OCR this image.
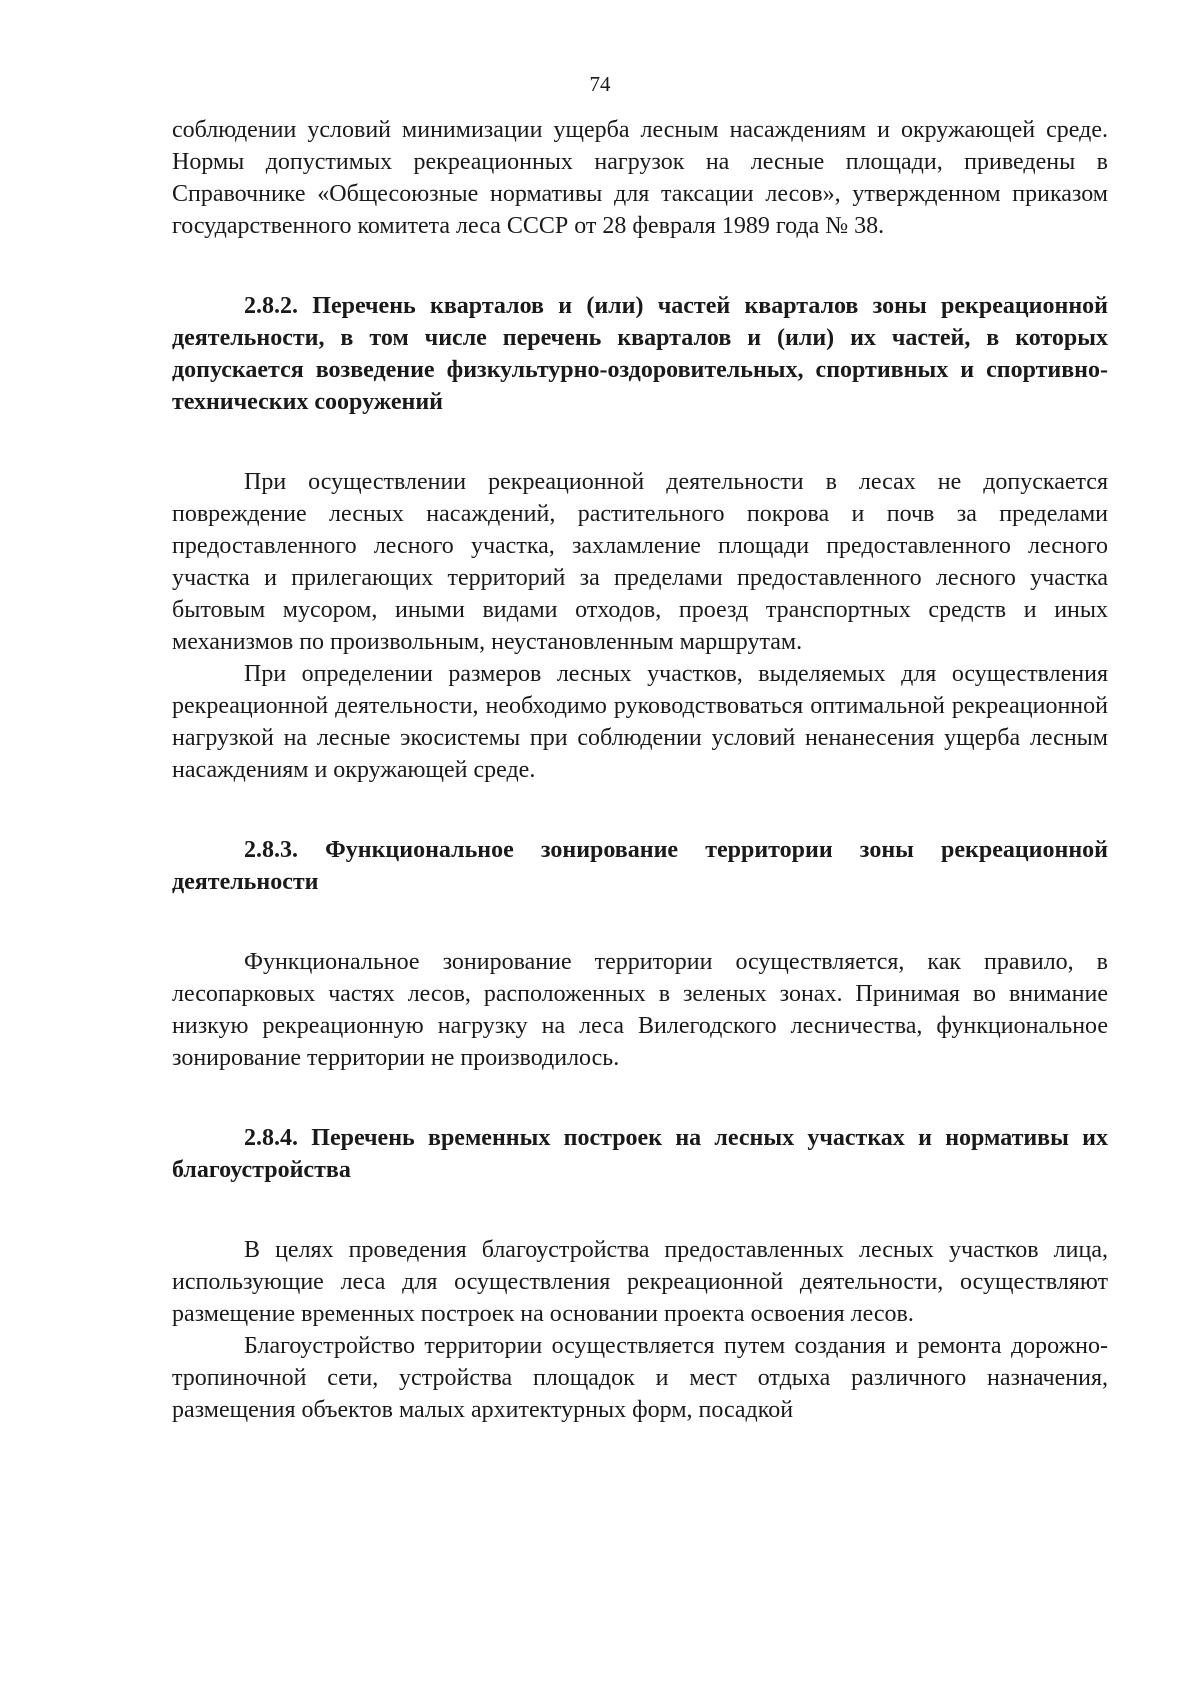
74

соблюдении условий минимизации ущерба лесным насаждениям и окружающей среде. Нормы допустимых рекреационных нагрузок на лесные площади, приведены в Справочнике «Общесоюзные нормативы для таксации лесов», утвержденном приказом государственного комитета леса СССР от 28 февраля 1989 года № 38.

2.8.2. Перечень кварталов и (или) частей кварталов зоны рекреационной деятельности, в том числе перечень кварталов и (или) их частей, в которых допускается возведение физкультурно-оздоровительных, спортивных и спортивно-технических сооружений

При осуществлении рекреационной деятельности в лесах не допускается повреждение лесных насаждений, растительного покрова и почв за пределами предоставленного лесного участка, захламление площади предоставленного лесного участка и прилегающих территорий за пределами предоставленного лесного участка бытовым мусором, иными видами отходов, проезд транспортных средств и иных механизмов по произвольным, неустановленным маршрутам.

При определении размеров лесных участков, выделяемых для осуществления рекреационной деятельности, необходимо руководствоваться оптимальной рекреационной нагрузкой на лесные экосистемы при соблюдении условий ненанесения ущерба лесным насаждениям и окружающей среде.

2.8.3. Функциональное зонирование территории зоны рекреационной деятельности

Функциональное зонирование территории осуществляется, как правило, в лесопарковых частях лесов, расположенных в зеленых зонах. Принимая во внимание низкую рекреационную нагрузку на леса Вилегодского лесничества, функциональное зонирование территории не производилось.

2.8.4. Перечень временных построек на лесных участках и нормативы их благоустройства

В целях проведения благоустройства предоставленных лесных участков лица, использующие леса для осуществления рекреационной деятельности, осуществляют размещение временных построек на основании проекта освоения лесов.

Благоустройство территории осуществляется путем создания и ремонта дорожно-тропиночной сети, устройства площадок и мест отдыха различного назначения, размещения объектов малых архитектурных форм, посадкой
